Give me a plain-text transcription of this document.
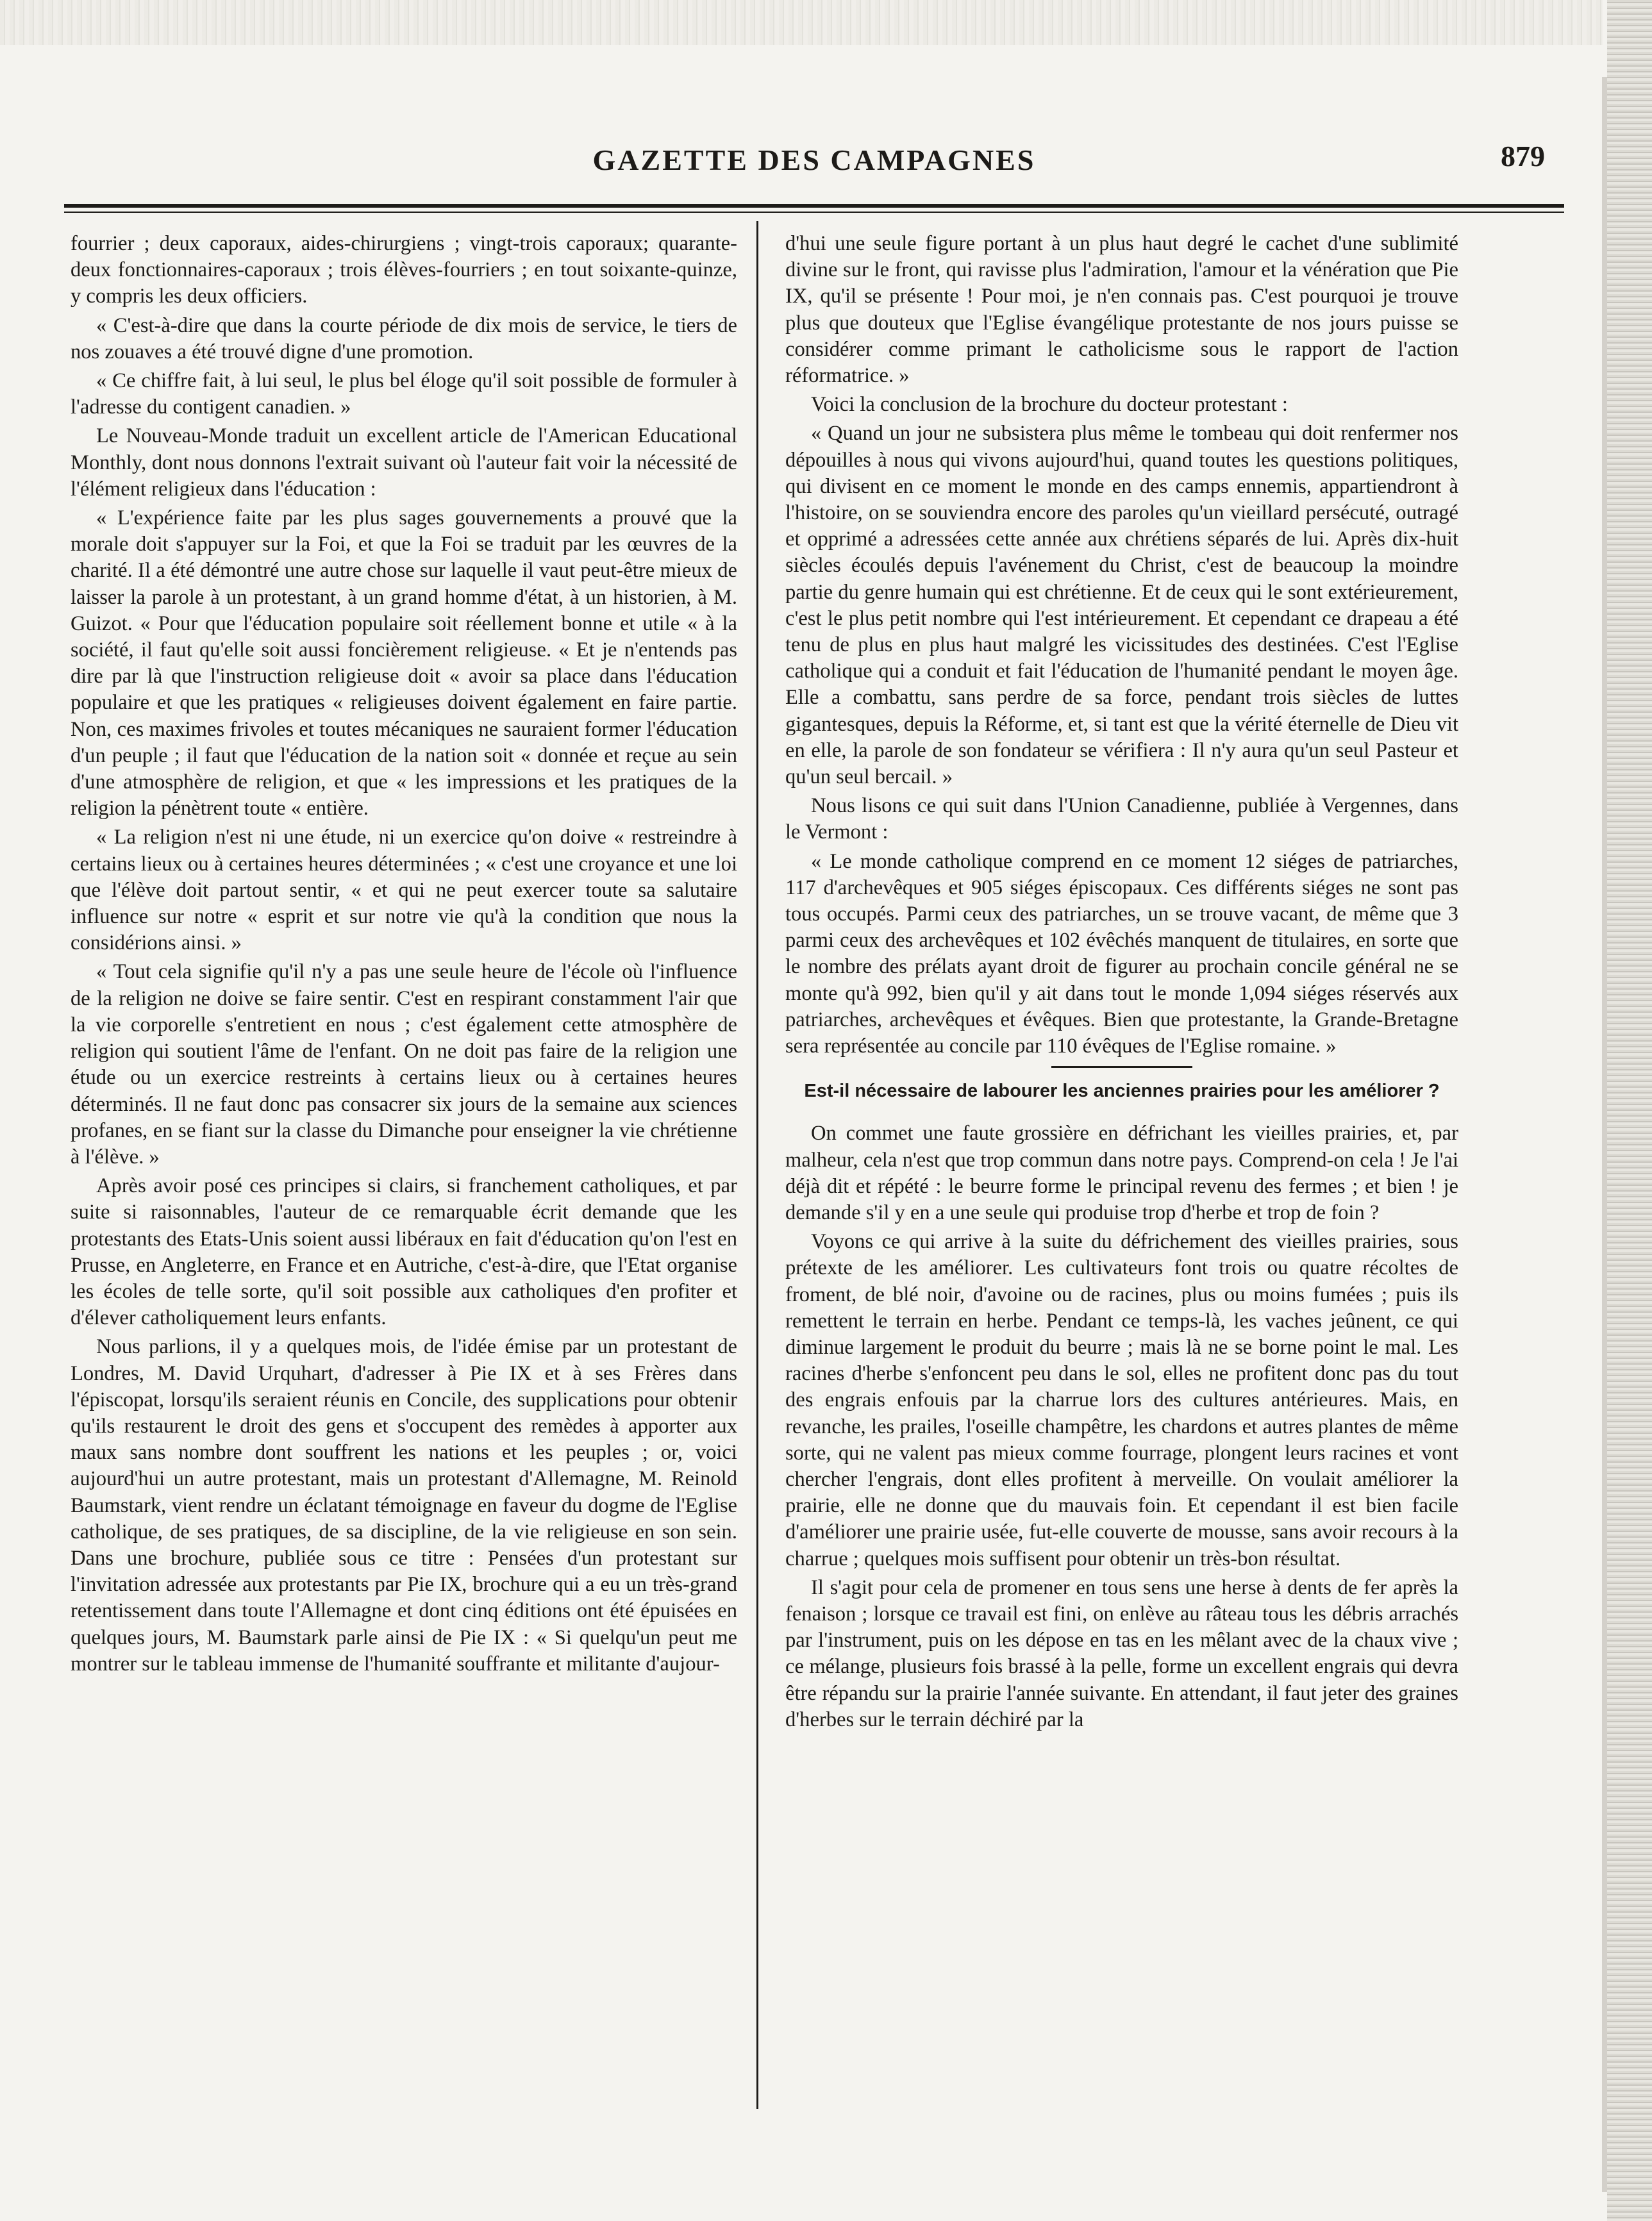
GAZETTE DES CAMPAGNES	879

fourrier ; deux caporaux, aides-chirurgiens ; vingt-trois caporaux; quarante-deux fonctionnaires-caporaux ; trois élèves-fourriers ; en tout soixante-quinze, y compris les deux officiers.

« C'est-à-dire que dans la courte période de dix mois de service, le tiers de nos zouaves a été trouvé digne d'une promotion.

« Ce chiffre fait, à lui seul, le plus bel éloge qu'il soit possible de formuler à l'adresse du contigent canadien. »

Le Nouveau-Monde traduit un excellent article de l'American Educational Monthly, dont nous donnons l'extrait suivant où l'auteur fait voir la nécessité de l'élément religieux dans l'éducation :

« L'expérience faite par les plus sages gouvernements a prouvé que la morale doit s'appuyer sur la Foi, et que la Foi se traduit par les œuvres de la charité. Il a été démontré une autre chose sur laquelle il vaut peut-être mieux de laisser la parole à un protestant, à un grand homme d'état, à un historien, à M. Guizot. « Pour que l'éducation populaire soit réellement bonne et utile « à la société, il faut qu'elle soit aussi foncièrement religieuse. « Et je n'entends pas dire par là que l'instruction religieuse doit « avoir sa place dans l'éducation populaire et que les pratiques « religieuses doivent également en faire partie. Non, ces maximes frivoles et toutes mécaniques ne sauraient former l'éducation d'un peuple ; il faut que l'éducation de la nation soit « donnée et reçue au sein d'une atmosphère de religion, et que « les impressions et les pratiques de la religion la pénètrent toute « entière.

« La religion n'est ni une étude, ni un exercice qu'on doive « restreindre à certains lieux ou à certaines heures déterminées ; « c'est une croyance et une loi que l'élève doit partout sentir, « et qui ne peut exercer toute sa salutaire influence sur notre « esprit et sur notre vie qu'à la condition que nous la considérions ainsi. »

« Tout cela signifie qu'il n'y a pas une seule heure de l'école où l'influence de la religion ne doive se faire sentir. C'est en respirant constamment l'air que la vie corporelle s'entretient en nous ; c'est également cette atmosphère de religion qui soutient l'âme de l'enfant. On ne doit pas faire de la religion une étude ou un exercice restreints à certains lieux ou à certaines heures déterminés. Il ne faut donc pas consacrer six jours de la semaine aux sciences profanes, en se fiant sur la classe du Dimanche pour enseigner la vie chrétienne à l'élève. »

Après avoir posé ces principes si clairs, si franchement catholiques, et par suite si raisonnables, l'auteur de ce remarquable écrit demande que les protestants des Etats-Unis soient aussi libéraux en fait d'éducation qu'on l'est en Prusse, en Angleterre, en France et en Autriche, c'est-à-dire, que l'Etat organise les écoles de telle sorte, qu'il soit possible aux catholiques d'en profiter et d'élever catholiquement leurs enfants.

Nous parlions, il y a quelques mois, de l'idée émise par un protestant de Londres, M. David Urquhart, d'adresser à Pie IX et à ses Frères dans l'épiscopat, lorsqu'ils seraient réunis en Concile, des supplications pour obtenir qu'ils restaurent le droit des gens et s'occupent des remèdes à apporter aux maux sans nombre dont souffrent les nations et les peuples ; or, voici aujourd'hui un autre protestant, mais un protestant d'Allemagne, M. Reinold Baumstark, vient rendre un éclatant témoignage en faveur du dogme de l'Eglise catholique, de ses pratiques, de sa discipline, de la vie religieuse en son sein. Dans une brochure, publiée sous ce titre : Pensées d'un protestant sur l'invitation adressée aux protestants par Pie IX, brochure qui a eu un très-grand retentissement dans toute l'Allemagne et dont cinq éditions ont été épuisées en quelques jours, M. Baumstark parle ainsi de Pie IX : « Si quelqu'un peut me montrer sur le tableau immense de l'humanité souffrante et militante d'aujour-

d'hui une seule figure portant à un plus haut degré le cachet d'une sublimité divine sur le front, qui ravisse plus l'admiration, l'amour et la vénération que Pie IX, qu'il se présente ! Pour moi, je n'en connais pas. C'est pourquoi je trouve plus que douteux que l'Eglise évangélique protestante de nos jours puisse se considérer comme primant le catholicisme sous le rapport de l'action réformatrice. »

Voici la conclusion de la brochure du docteur protestant :

« Quand un jour ne subsistera plus même le tombeau qui doit renfermer nos dépouilles à nous qui vivons aujourd'hui, quand toutes les questions politiques, qui divisent en ce moment le monde en des camps ennemis, appartiendront à l'histoire, on se souviendra encore des paroles qu'un vieillard persécuté, outragé et opprimé a adressées cette année aux chrétiens séparés de lui. Après dix-huit siècles écoulés depuis l'avénement du Christ, c'est de beaucoup la moindre partie du genre humain qui est chrétienne. Et de ceux qui le sont extérieurement, c'est le plus petit nombre qui l'est intérieurement. Et cependant ce drapeau a été tenu de plus en plus haut malgré les vicissitudes des destinées. C'est l'Eglise catholique qui a conduit et fait l'éducation de l'humanité pendant le moyen âge. Elle a combattu, sans perdre de sa force, pendant trois siècles de luttes gigantesques, depuis la Réforme, et, si tant est que la vérité éternelle de Dieu vit en elle, la parole de son fondateur se vérifiera : Il n'y aura qu'un seul Pasteur et qu'un seul bercail. »

Nous lisons ce qui suit dans l'Union Canadienne, publiée à Vergennes, dans le Vermont :

« Le monde catholique comprend en ce moment 12 siéges de patriarches, 117 d'archevêques et 905 siéges épiscopaux. Ces différents siéges ne sont pas tous occupés. Parmi ceux des patriarches, un se trouve vacant, de même que 3 parmi ceux des archevêques et 102 évêchés manquent de titulaires, en sorte que le nombre des prélats ayant droit de figurer au prochain concile général ne se monte qu'à 992, bien qu'il y ait dans tout le monde 1,094 siéges réservés aux patriarches, archevêques et évêques. Bien que protestante, la Grande-Bretagne sera représentée au concile par 110 évêques de l'Eglise romaine. »

Est-il nécessaire de labourer les anciennes prairies pour les améliorer ?

On commet une faute grossière en défrichant les vieilles prairies, et, par malheur, cela n'est que trop commun dans notre pays. Comprend-on cela ! Je l'ai déjà dit et répété : le beurre forme le principal revenu des fermes ; et bien ! je demande s'il y en a une seule qui produise trop d'herbe et trop de foin ?

Voyons ce qui arrive à la suite du défrichement des vieilles prairies, sous prétexte de les améliorer. Les cultivateurs font trois ou quatre récoltes de froment, de blé noir, d'avoine ou de racines, plus ou moins fumées ; puis ils remettent le terrain en herbe. Pendant ce temps-là, les vaches jeûnent, ce qui diminue largement le produit du beurre ; mais là ne se borne point le mal. Les racines d'herbe s'enfoncent peu dans le sol, elles ne profitent donc pas du tout des engrais enfouis par la charrue lors des cultures antérieures. Mais, en revanche, les prailes, l'oseille champêtre, les chardons et autres plantes de même sorte, qui ne valent pas mieux comme fourrage, plongent leurs racines et vont chercher l'engrais, dont elles profitent à merveille. On voulait améliorer la prairie, elle ne donne que du mauvais foin. Et cependant il est bien facile d'améliorer une prairie usée, fut-elle couverte de mousse, sans avoir recours à la charrue ; quelques mois suffisent pour obtenir un très-bon résultat.

Il s'agit pour cela de promener en tous sens une herse à dents de fer après la fenaison ; lorsque ce travail est fini, on enlève au râteau tous les débris arrachés par l'instrument, puis on les dépose en tas en les mêlant avec de la chaux vive ; ce mélange, plusieurs fois brassé à la pelle, forme un excellent engrais qui devra être répandu sur la prairie l'année suivante. En attendant, il faut jeter des graines d'herbes sur le terrain déchiré par la
